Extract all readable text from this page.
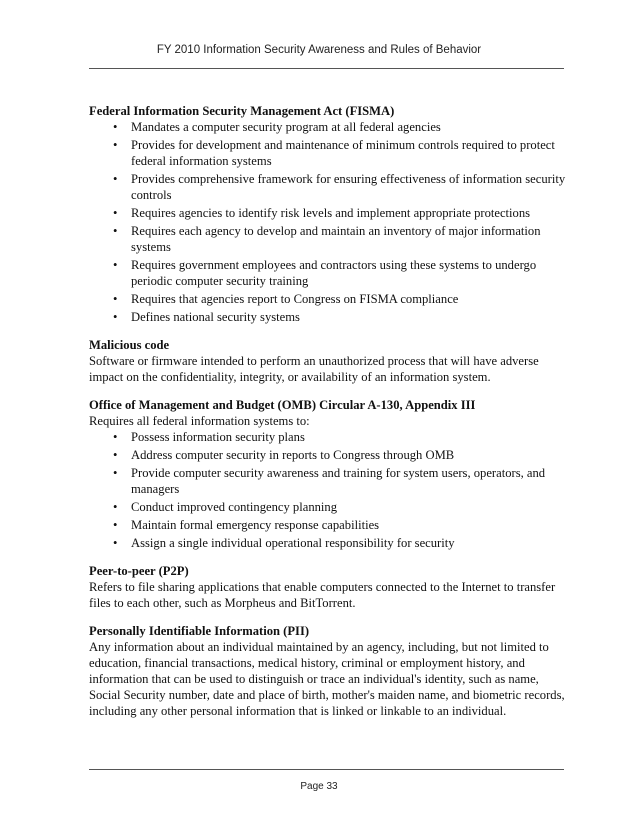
FY 2010 Information Security Awareness and Rules of Behavior
Federal Information Security Management Act (FISMA)
• Mandates a computer security program at all federal agencies
• Provides for development and maintenance of minimum controls required to protect federal information systems
• Provides comprehensive framework for ensuring effectiveness of information security controls
• Requires agencies to identify risk levels and implement appropriate protections
• Requires each agency to develop and maintain an inventory of major information systems
• Requires government employees and contractors using these systems to undergo periodic computer security training
• Requires that agencies report to Congress on FISMA compliance
• Defines national security systems
Malicious code

Software or firmware intended to perform an unauthorized process that will have adverse impact on the confidentiality, integrity, or availability of an information system.

Office of Management and Budget (OMB) Circular A-130, Appendix III

Requires all federal information systems to:

• Possess information security plans
• Address computer security in reports to Congress through OMB
• Provide computer security awareness and training for system users, operators, and managers
• Conduct improved contingency planning
• Maintain formal emergency response capabilities
• Assign a single individual operational responsibility for security
Peer-to-peer (P2P)

Refers to file sharing applications that enable computers connected to the Internet to transfer files to each other, such as Morpheus and BitTorrent.

Personally Identifiable Information (PII)

Any information about an individual maintained by an agency, including, but not limited to education, financial transactions, medical history, criminal or employment history, and information that can be used to distinguish or trace an individual's identity, such as name, Social Security number, date and place of birth, mother's maiden name, and biometric records, including any other personal information that is linked or linkable to an individual.

Page 33
